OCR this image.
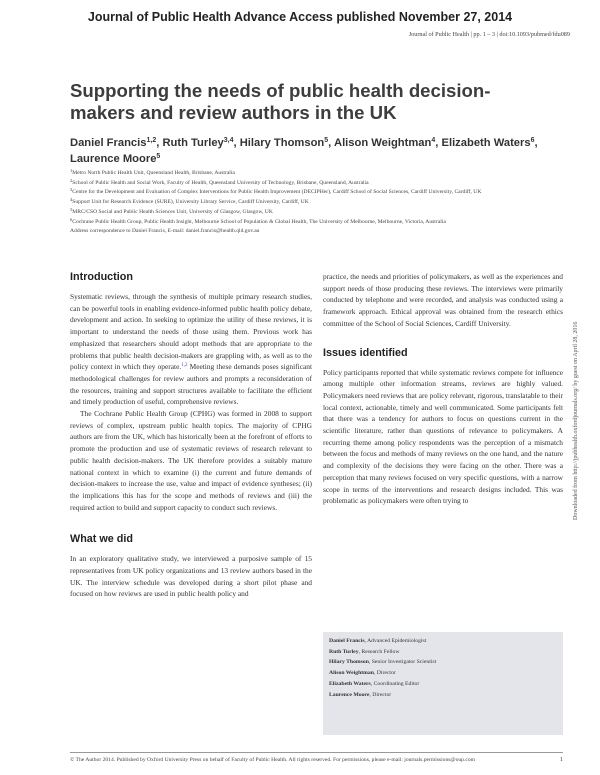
Journal of Public Health Advance Access published November 27, 2014
Journal of Public Health | pp. 1 – 3 | doi:10.1093/pubmed/fdu089
Supporting the needs of public health decision-makers and review authors in the UK
Daniel Francis$^{1,2}$, Ruth Turley$^{3,4}$, Hilary Thomson$^5$, Alison Weightman$^4$, Elizabeth Waters$^6$, Laurence Moore$^5$
$^1$Metro North Public Health Unit, Queensland Health, Brisbane, Australia
$^2$School of Public Health and Social Work, Faculty of Health, Queensland University of Technology, Brisbane, Queensland, Australia
$^3$Centre for the Development and Evaluation of Complex Interventions for Public Health Improvement (DECIPHer), Cardiff School of Social Sciences, Cardiff University, Cardiff, UK
$^4$Support Unit for Research Evidence (SURE), University Library Service, Cardiff University, Cardiff, UK
$^5$MRC/CSO Social and Public Health Sciences Unit, University of Glasgow, Glasgow, UK
$^6$Cochrane Public Health Group, Public Health Insight, Melbourne School of Population & Global Health, The University of Melbourne, Melbourne, Victoria, Australia
Address correspondence to Daniel Francis, E-mail: daniel.francis@health.qld.gov.au
Downloaded from http://jpubhealth.oxfordjournals.org/ by guest on April 28, 2016
Introduction

Systematic reviews, through the synthesis of multiple primary research studies, can be powerful tools in enabling evidence-informed public health policy debate, development and action. In seeking to optimize the utility of these reviews, it is important to understand the needs of those using them. Previous work has emphasized that researchers should adopt methods that are appropriate to the problems that public health decision-makers are grappling with, as well as to the policy context in which they operate.$^{1,2}$ Meeting these demands poses significant methodological challenges for review authors and prompts a reconsideration of the resources, training and support structures available to facilitate the efficient and timely production of useful, comprehensive reviews.

The Cochrane Public Health Group (CPHG) was formed in 2008 to support reviews of complex, upstream public health topics. The majority of CPHG authors are from the UK, which has historically been at the forefront of efforts to promote the production and use of systematic reviews of research relevant to public health decision-makers. The UK therefore provides a suitably mature national context in which to examine (i) the current and future demands of decision-makers to increase the use, value and impact of evidence syntheses; (ii) the implications this has for the scope and methods of reviews and (iii) the required action to build and support capacity to conduct such reviews.

What we did

In an exploratory qualitative study, we interviewed a purposive sample of 15 representatives from UK policy organizations and 13 review authors based in the UK. The interview schedule was developed during a short pilot phase and focused on how reviews are used in public health policy and

practice, the needs and priorities of policymakers, as well as the experiences and support needs of those producing these reviews. The interviews were primarily conducted by telephone and were recorded, and analysis was conducted using a framework approach. Ethical approval was obtained from the research ethics committee of the School of Social Sciences, Cardiff University.

Issues identified

Policy participants reported that while systematic reviews compete for influence among multiple other information streams, reviews are highly valued. Policymakers need reviews that are policy relevant, rigorous, translatable to their local context, actionable, timely and well communicated. Some participants felt that there was a tendency for authors to focus on questions current in the scientific literature, rather than questions of relevance to policymakers. A recurring theme among policy respondents was the perception of a mismatch between the focus and methods of many reviews on the one hand, and the nature and complexity of the decisions they were facing on the other. There was a perception that many reviews focused on very specific questions, with a narrow scope in terms of the interventions and research designs included. This was problematic as policymakers were often trying to

Daniel Francis, Advanced Epidemiologist
Ruth Turley, Research Fellow
Hilary Thomson, Senior Investigator Scientist
Alison Weightman, Director
Elizabeth Waters, Coordinating Editor
Laurence Moore, Director
© The Author 2014. Published by Oxford University Press on behalf of Faculty of Public Health. All rights reserved. For permissions, please e-mail: journals.permissions@oup.com	1
